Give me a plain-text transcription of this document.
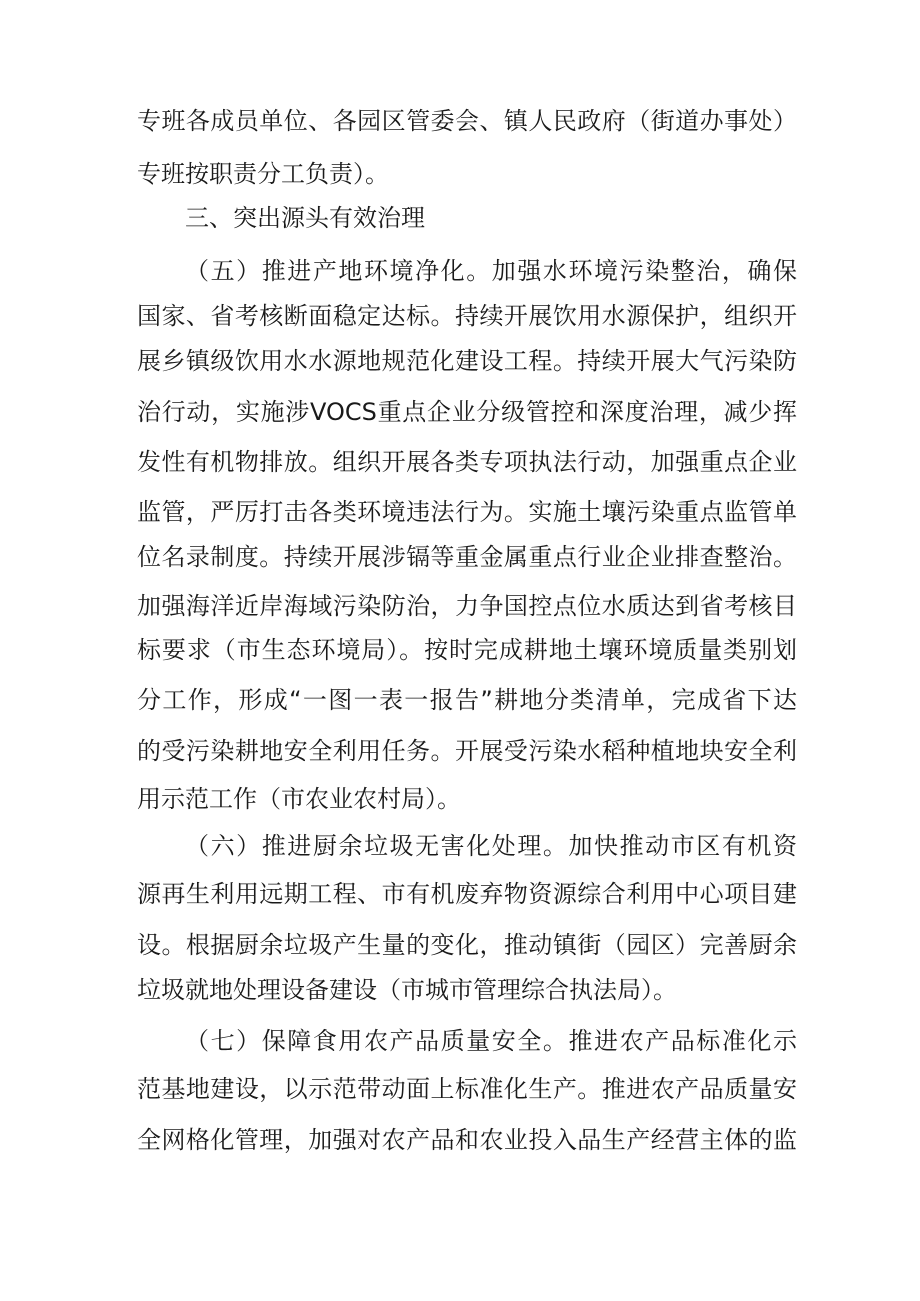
专班各成员单位、各园区管委会、镇人民政府（街道办事处）
专班按职责分工负责）。
三、突出源头有效治理
（五）推进产地环境净化。加强水环境污染整治，确保
国家、省考核断面稳定达标。持续开展饮用水源保护，组织开
展乡镇级饮用水水源地规范化建设工程。持续开展大气污染防
治行动，实施涉VOCS重点企业分级管控和深度治理，减少挥
发性有机物排放。组织开展各类专项执法行动，加强重点企业
监管，严厉打击各类环境违法行为。实施土壤污染重点监管单
位名录制度。持续开展涉镉等重金属重点行业企业排查整治。
加强海洋近岸海域污染防治，力争国控点位水质达到省考核目
标要求（市生态环境局）。按时完成耕地土壤环境质量类别划
分工作，形成“一图一表一报告”耕地分类清单，完成省下达
的受污染耕地安全利用任务。开展受污染水稻种植地块安全利
用示范工作（市农业农村局）。
（六）推进厨余垃圾无害化处理。加快推动市区有机资
源再生利用远期工程、市有机废弃物资源综合利用中心项目建
设。根据厨余垃圾产生量的变化，推动镇街（园区）完善厨余
垃圾就地处理设备建设（市城市管理综合执法局）。
（七）保障食用农产品质量安全。推进农产品标准化示
范基地建设，以示范带动面上标准化生产。推进农产品质量安
全网格化管理，加强对农产品和农业投入品生产经营主体的监
